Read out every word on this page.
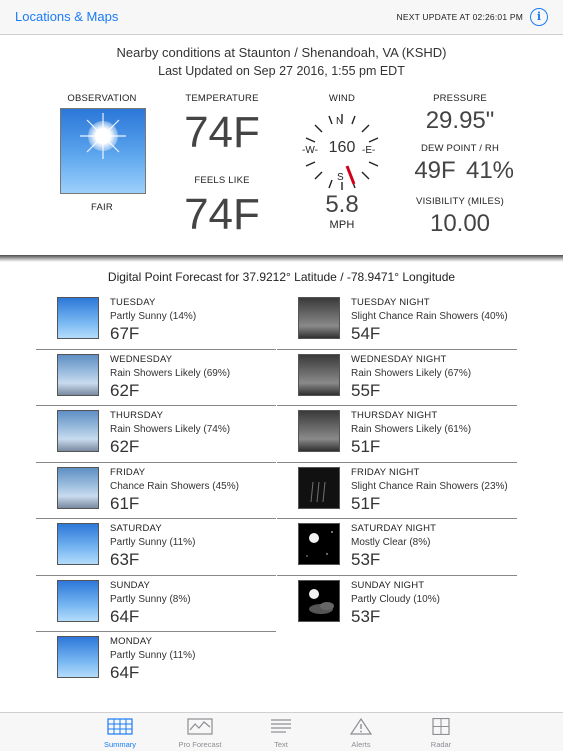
Locations & Maps	NEXT UPDATE AT 02:26:01 PM	i
Nearby conditions at Staunton / Shenandoah, VA (KSHD)
Last Updated on Sep 27 2016, 1:55 pm EDT
OBSERVATION
FAIR
TEMPERATURE
74F
FEELS LIKE
74F
WIND
N
S
-W-	-E-
160
5.8
MPH
PRESSURE
29.95"
DEW POINT / RH
49F 41%
VISIBILITY (MILES)
10.00
Digital Point Forecast for 37.9212° Latitude / -78.9471° Longitude
TUESDAY
Partly Sunny (14%)
67F
WEDNESDAY
Rain Showers Likely (69%)
62F
THURSDAY
Rain Showers Likely (74%)
62F
FRIDAY
Chance Rain Showers (45%)
61F
SATURDAY
Partly Sunny (11%)
63F
SUNDAY
Partly Sunny (8%)
64F
MONDAY
Partly Sunny (11%)
64F
TUESDAY NIGHT
Slight Chance Rain Showers (40%)
54F
WEDNESDAY NIGHT
Rain Showers Likely (67%)
55F
THURSDAY NIGHT
Rain Showers Likely (61%)
51F
FRIDAY NIGHT
Slight Chance Rain Showers (23%)
51F
SATURDAY NIGHT
Mostly Clear (8%)
53F
SUNDAY NIGHT
Partly Cloudy (10%)
53F
Summary	Pro Forecast	Text	Alerts	Radar
